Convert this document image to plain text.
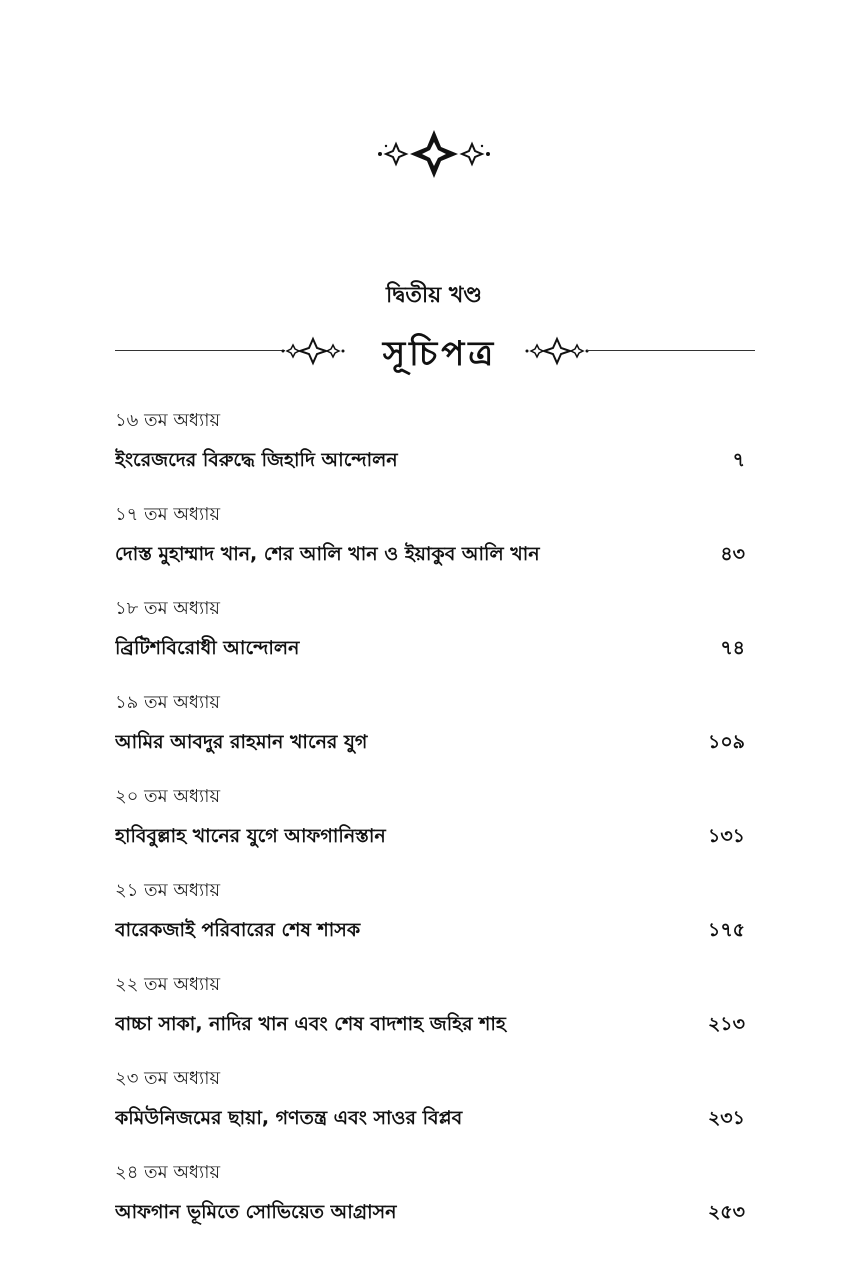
দ্বিতীয় খণ্ড
সূচিপত্র
১৬ তম অধ্যায়
ইংরেজদের বিরুদ্ধে জিহাদি আন্দোলন	৭
১৭ তম অধ্যায়
দোস্ত মুহাম্মাদ খান, শের আলি খান ও ইয়াকুব আলি খান	৪৩
১৮ তম অধ্যায়
ব্রিটিশবিরোধী আন্দোলন	৭৪
১৯ তম অধ্যায়
আমির আবদুর রাহমান খানের যুগ	১০৯
২০ তম অধ্যায়
হাবিবুল্লাহ খানের যুগে আফগানিস্তান	১৩১
২১ তম অধ্যায়
বারেকজাই পরিবারের শেষ শাসক	১৭৫
২২ তম অধ্যায়
বাচ্চা সাকা, নাদির খান এবং শেষ বাদশাহ জহির শাহ	২১৩
২৩ তম অধ্যায়
কমিউনিজমের ছায়া, গণতন্ত্র এবং সাওর বিপ্লব	২৩১
২৪ তম অধ্যায়
আফগান ভূমিতে সোভিয়েত আগ্রাসন	২৫৩
